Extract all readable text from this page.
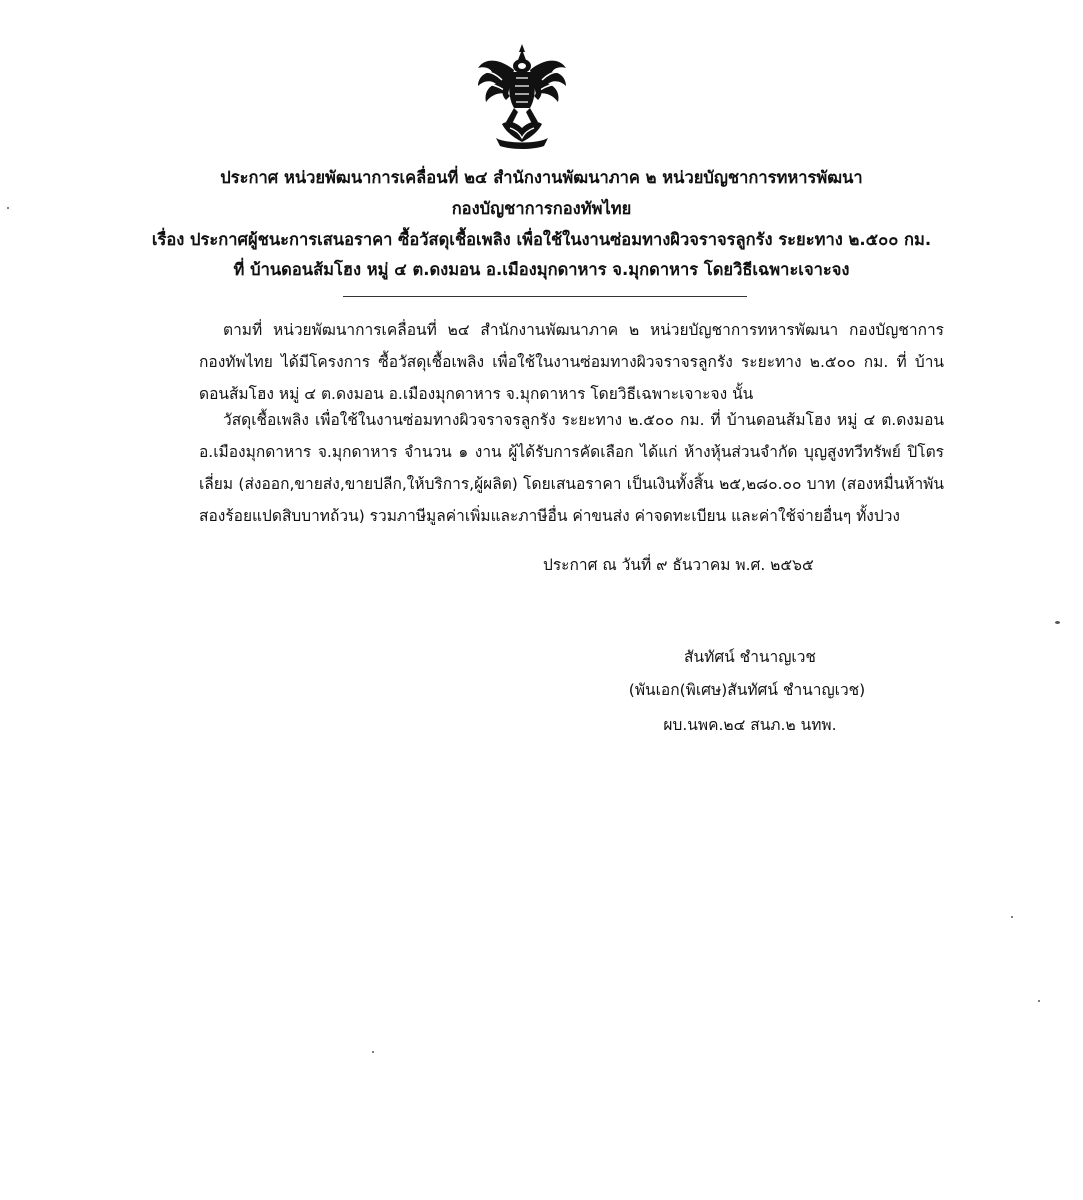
ประกาศ หน่วยพัฒนาการเคลื่อนที่ ๒๔ สำนักงานพัฒนาภาค ๒ หน่วยบัญชาการทหารพัฒนา
กองบัญชาการกองทัพไทย
เรื่อง ประกาศผู้ชนะการเสนอราคา ซื้อวัสดุเชื้อเพลิง เพื่อใช้ในงานซ่อมทางผิวจราจรลูกรัง ระยะทาง ๒.๕๐๐ กม.
ที่ บ้านดอนส้มโฮง หมู่ ๔ ต.ดงมอน อ.เมืองมุกดาหาร จ.มุกดาหาร โดยวิธีเฉพาะเจาะจง
ตามที่ หน่วยพัฒนาการเคลื่อนที่ ๒๔ สำนักงานพัฒนาภาค ๒ หน่วยบัญชาการทหารพัฒนา กองบัญชาการกองทัพไทย ได้มีโครงการ ซื้อวัสดุเชื้อเพลิง เพื่อใช้ในงานซ่อมทางผิวจราจรลูกรัง ระยะทาง ๒.๕๐๐ กม. ที่ บ้านดอนส้มโฮง หมู่ ๔ ต.ดงมอน อ.เมืองมุกดาหาร จ.มุกดาหาร โดยวิธีเฉพาะเจาะจง นั้น
วัสดุเชื้อเพลิง เพื่อใช้ในงานซ่อมทางผิวจราจรลูกรัง ระยะทาง ๒.๕๐๐ กม. ที่ บ้านดอนส้มโฮง หมู่ ๔ ต.ดงมอน อ.เมืองมุกดาหาร จ.มุกดาหาร จำนวน ๑ งาน ผู้ได้รับการคัดเลือก ได้แก่ ห้างหุ้นส่วนจำกัด บุญสูงทวีทรัพย์ ปิโตรเลี่ยม (ส่งออก,ขายส่ง,ขายปลีก,ให้บริการ,ผู้ผลิต) โดยเสนอราคา เป็นเงินทั้งสิ้น ๒๕,๒๘๐.๐๐ บาท (สองหมื่นห้าพันสองร้อยแปดสิบบาทถ้วน) รวมภาษีมูลค่าเพิ่มและภาษีอื่น ค่าขนส่ง ค่าจดทะเบียน และค่าใช้จ่ายอื่นๆ ทั้งปวง
ประกาศ ณ วันที่ ๙ ธันวาคม พ.ศ. ๒๕๖๕
สันทัศน์ ชำนาญเวช
(พันเอก(พิเศษ)สันทัศน์ ชำนาญเวช)
ผบ.นพค.๒๔ สนภ.๒ นทพ.
